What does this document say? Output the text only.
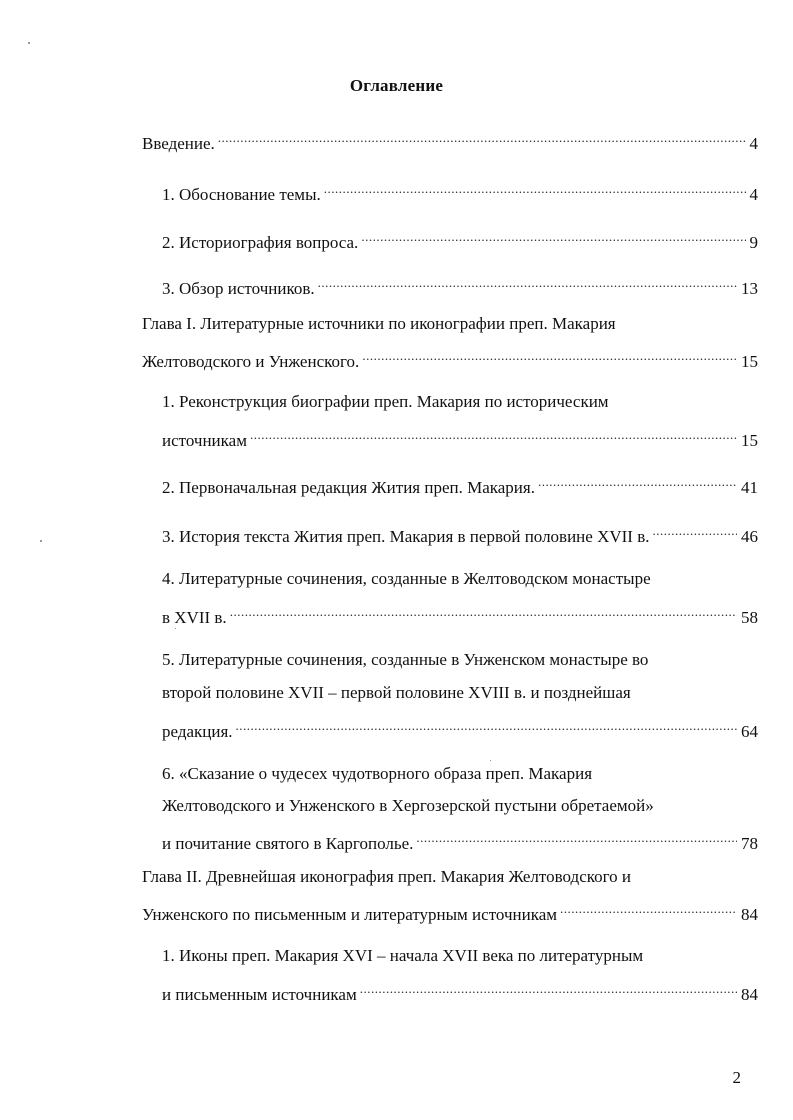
Оглавление
Введение. .....	4
1. Обоснование темы. .....	4
2. Историография вопроса. .....	9
3. Обзор источников. .....	13
Глава I. Литературные источники по иконографии преп. Макария
Желтоводского и Унженского. .....	15
1. Реконструкция биографии преп. Макария по историческим
источникам .....	15
2. Первоначальная редакция Жития преп. Макария. .....	41
3. История текста Жития преп. Макария в первой половине XVII в. .....	46
4. Литературные сочинения, созданные в Желтоводском монастыре
в XVII в. .....	58
5. Литературные сочинения, созданные в Унженском монастыре во
второй половине XVII – первой половине XVIII в. и позднейшая
редакция. .....	64
6. «Сказание о чудесех чудотворного образа преп. Макария
Желтоводского и Унженского в Хергозерской пустыни обретаемой»
и почитание святого в Каргополье. .....	78
Глава II. Древнейшая иконография преп. Макария Желтоводского и
Унженского по письменным и литературным источникам .....	84
1. Иконы преп. Макария XVI – начала XVII века по литературным
и письменным источникам .....	84
2
